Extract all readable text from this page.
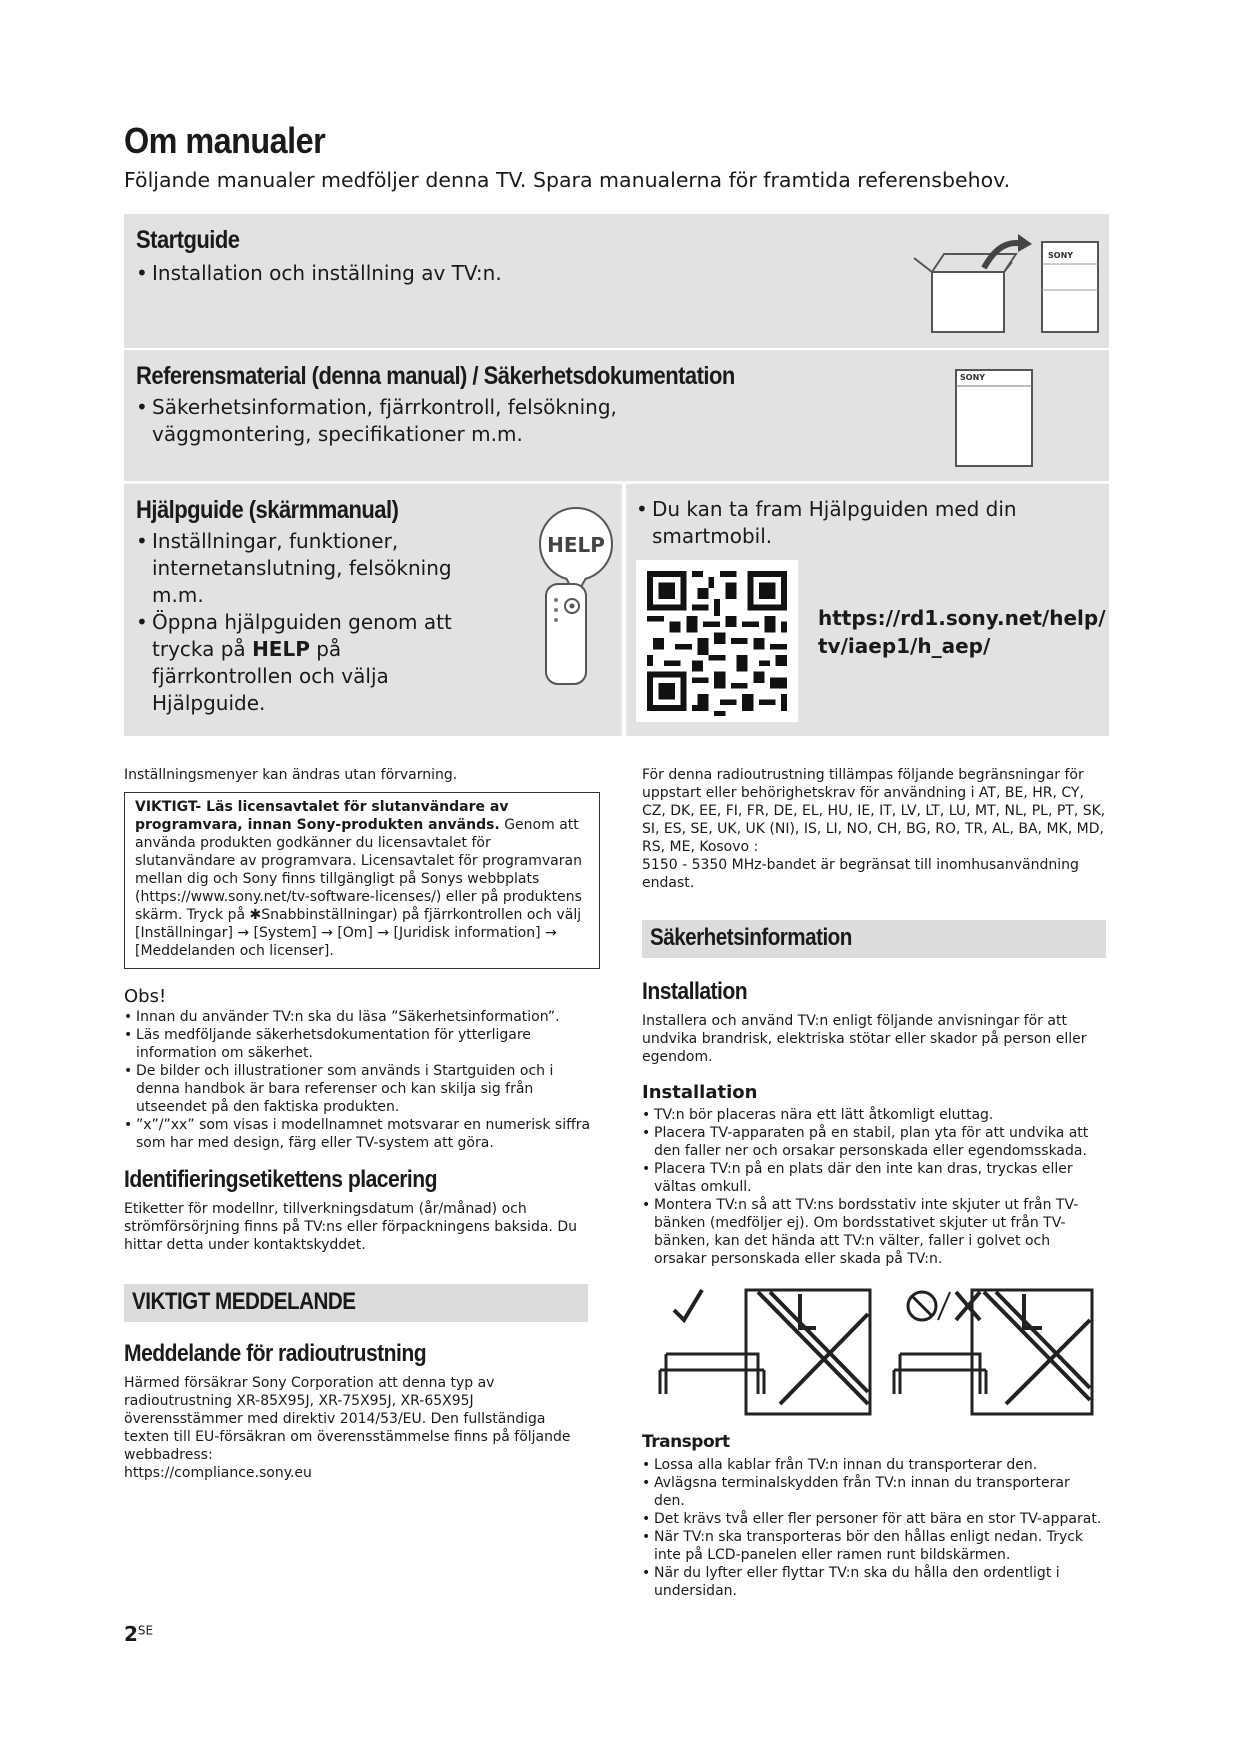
Om manualer
Följande manualer medföljer denna TV. Spara manualerna för framtida referensbehov.
Startguide
• Installation och inställning av TV:n.
SONY
Referensmaterial (denna manual) / Säkerhetsdokumentation
• Säkerhetsinformation, fjärrkontroll, felsökning, väggmontering, specifikationer m.m.
SONY
Hjälpguide (skärmmanual)
• Inställningar, funktioner, internetanslutning, felsökning m.m.
• Öppna hjälpguiden genom att trycka på HELP på fjärrkontrollen och välja Hjälpguide.
HELP
• Du kan ta fram Hjälpguiden med din smartmobil.
https://rd1.sony.net/help/
tv/iaep1/h_aep/
Inställningsmenyer kan ändras utan förvarning.
VIKTIGT- Läs licensavtalet för slutanvändare av programvara, innan Sony-produkten används. Genom att använda produkten godkänner du licensavtalet för slutanvändare av programvara. Licensavtalet för programvaran mellan dig och Sony finns tillgängligt på Sonys webbplats (https://www.sony.net/tv-software-licenses/) eller på produktens skärm. Tryck på ✱Snabbinställningar) på fjärrkontrollen och välj [Inställningar] → [System] → [Om] → [Juridisk information] → [Meddelanden och licenser].
Obs!
• Innan du använder TV:n ska du läsa ”Säkerhetsinformation”.
• Läs medföljande säkerhetsdokumentation för ytterligare information om säkerhet.
• De bilder och illustrationer som används i Startguiden och i denna handbok är bara referenser och kan skilja sig från utseendet på den faktiska produkten.
• ”x”/”xx” som visas i modellnamnet motsvarar en numerisk siffra som har med design, färg eller TV-system att göra.
Identifieringsetikettens placering
Etiketter för modellnr, tillverkningsdatum (år/månad) och strömförsörjning finns på TV:ns eller förpackningens baksida. Du hittar detta under kontaktskyddet.
VIKTIGT MEDDELANDE
Meddelande för radioutrustning
Härmed försäkrar Sony Corporation att denna typ av radioutrustning XR-85X95J, XR-75X95J, XR-65X95J överensstämmer med direktiv 2014/53/EU. Den fullständiga texten till EU-försäkran om överensstämmelse finns på följande webbadress:
https://compliance.sony.eu
För denna radioutrustning tillämpas följande begränsningar för uppstart eller behörighetskrav för användning i AT, BE, HR, CY, CZ, DK, EE, FI, FR, DE, EL, HU, IE, IT, LV, LT, LU, MT, NL, PL, PT, SK, SI, ES, SE, UK, UK (NI), IS, LI, NO, CH, BG, RO, TR, AL, BA, MK, MD, RS, ME, Kosovo :
5150 - 5350 MHz-bandet är begränsat till inomhusanvändning endast.
Säkerhetsinformation
Installation
Installera och använd TV:n enligt följande anvisningar för att undvika brandrisk, elektriska stötar eller skador på person eller egendom.
Installation
• TV:n bör placeras nära ett lätt åtkomligt eluttag.
• Placera TV-apparaten på en stabil, plan yta för att undvika att den faller ner och orsakar personskada eller egendomsskada.
• Placera TV:n på en plats där den inte kan dras, tryckas eller vältas omkull.
• Montera TV:n så att TV:ns bordsstativ inte skjuter ut från TV-bänken (medföljer ej). Om bordsstativet skjuter ut från TV-bänken, kan det hända att TV:n välter, faller i golvet och orsakar personskada eller skada på TV:n.
Transport
• Lossa alla kablar från TV:n innan du transporterar den.
• Avlägsna terminalskydden från TV:n innan du transporterar den.
• Det krävs två eller fler personer för att bära en stor TV-apparat.
• När TV:n ska transporteras bör den hållas enligt nedan. Tryck inte på LCD-panelen eller ramen runt bildskärmen.
• När du lyfter eller flyttar TV:n ska du hålla den ordentligt i undersidan.
$2^{SE}$
